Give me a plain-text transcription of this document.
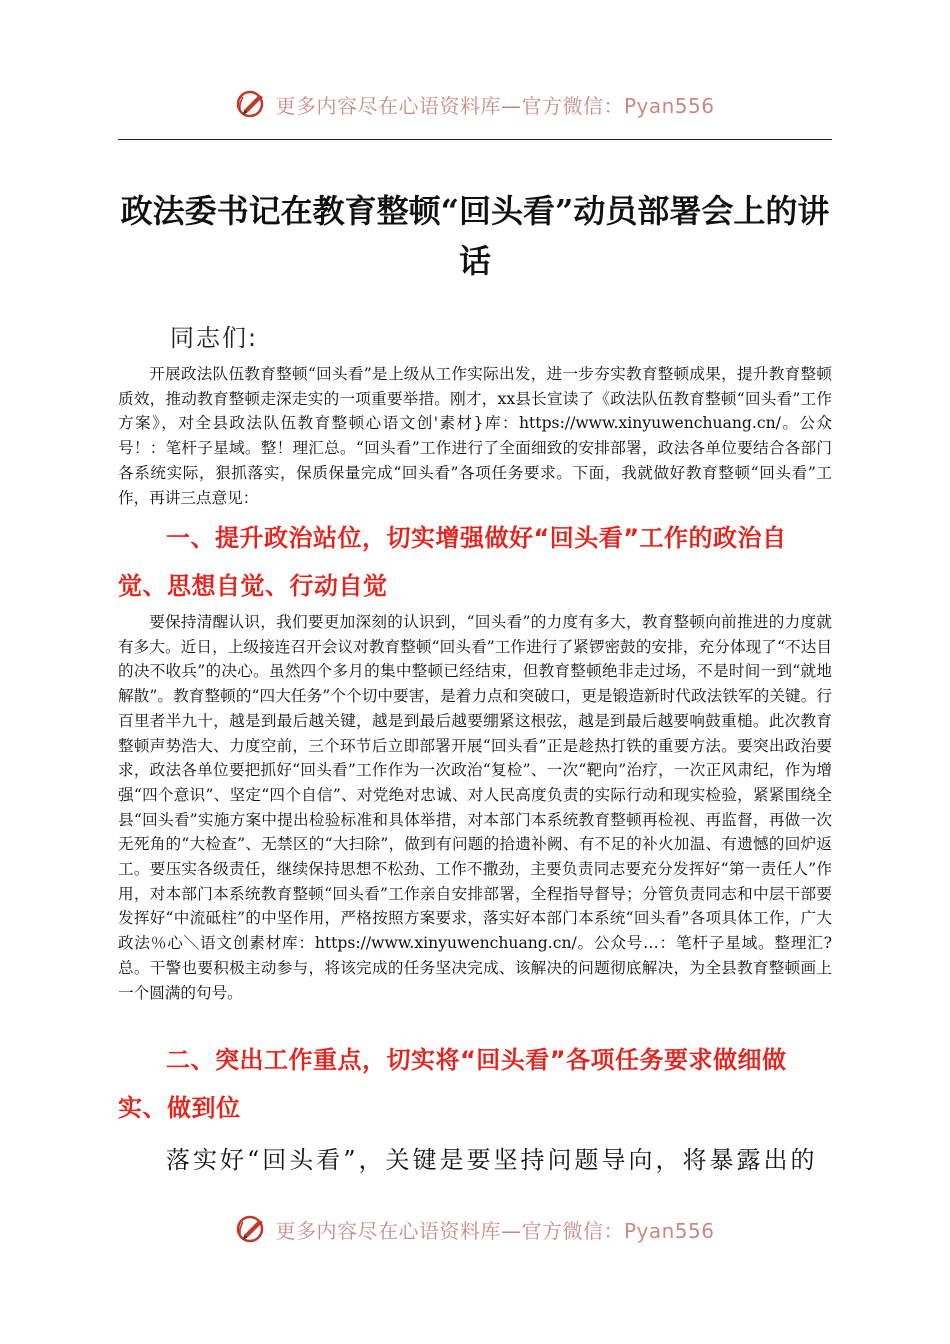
更多内容尽在心语资料库—官方微信：Pyan556
政法委书记在教育整顿“回头看”动员部署会上的讲话

同志们:

开展政法队伍教育整顿“回头看”是上级从工作实际出发，进一步夯实教育整顿成果，提升教育整顿质效，推动教育整顿走深走实的一项重要举措。刚才，xx县长宣读了《政法队伍教育整顿“回头看”工作方案》，对全县政法队伍教育整顿心语文创'素材}库：https://www.xinyuwenchuang.cn/。公众号！：笔杆子星域。整！理汇总。“回头看”工作进行了全面细致的安排部署，政法各单位要结合各部门各系统实际，狠抓落实，保质保量完成“回头看”各项任务要求。下面，我就做好教育整顿“回头看”工作，再讲三点意见：

一、提升政治站位，切实增强做好“回头看”工作的政治自觉、思想自觉、行动自觉

要保持清醒认识，我们要更加深刻的认识到，“回头看”的力度有多大，教育整顿向前推进的力度就有多大。近日，上级接连召开会议对教育整顿“回头看”工作进行了紧锣密鼓的安排，充分体现了“不达目的决不收兵”的决心。虽然四个多月的集中整顿已经结束，但教育整顿绝非走过场，不是时间一到“就地解散”。教育整顿的“四大任务”个个切中要害，是着力点和突破口，更是锻造新时代政法铁军的关键。行百里者半九十，越是到最后越关键，越是到最后越要绷紧这根弦，越是到最后越要响鼓重槌。此次教育整顿声势浩大、力度空前，三个环节后立即部署开展“回头看”正是趁热打铁的重要方法。要突出政治要求，政法各单位要把抓好“回头看”工作作为一次政治“复检”、一次“靶向”治疗，一次正风肃纪，作为增强“四个意识”、坚定“四个自信”、对党绝对忠诚、对人民高度负责的实际行动和现实检验，紧紧围绕全县“回头看”实施方案中提出检验标准和具体举措，对本部门本系统教育整顿再检视、再监督，再做一次无死角的“大检查”、无禁区的“大扫除”，做到有问题的拾遗补阙、有不足的补火加温、有遗憾的回炉返工。要压实各级责任，继续保持思想不松劲、工作不撒劲，主要负责同志要充分发挥好“第一责任人”作用，对本部门本系统教育整顿“回头看”工作亲自安排部署，全程指导督导；分管负责同志和中层干部要发挥好“中流砥柱”的中坚作用，严格按照方案要求，落实好本部门本系统“回头看”各项具体工作，广大政法％心＼语文创素材库：https://www.xinyuwenchuang.cn/。公众号…：笔杆子星域。整理汇?总。干警也要积极主动参与，将该完成的任务坚决完成、该解决的问题彻底解决，为全县教育整顿画上一个圆满的句号。

二、突出工作重点，切实将“回头看”各项任务要求做细做实、做到位

落实好“回头看”，关键是要坚持问题导向，将暴露出的

更多内容尽在心语资料库—官方微信：Pyan556
